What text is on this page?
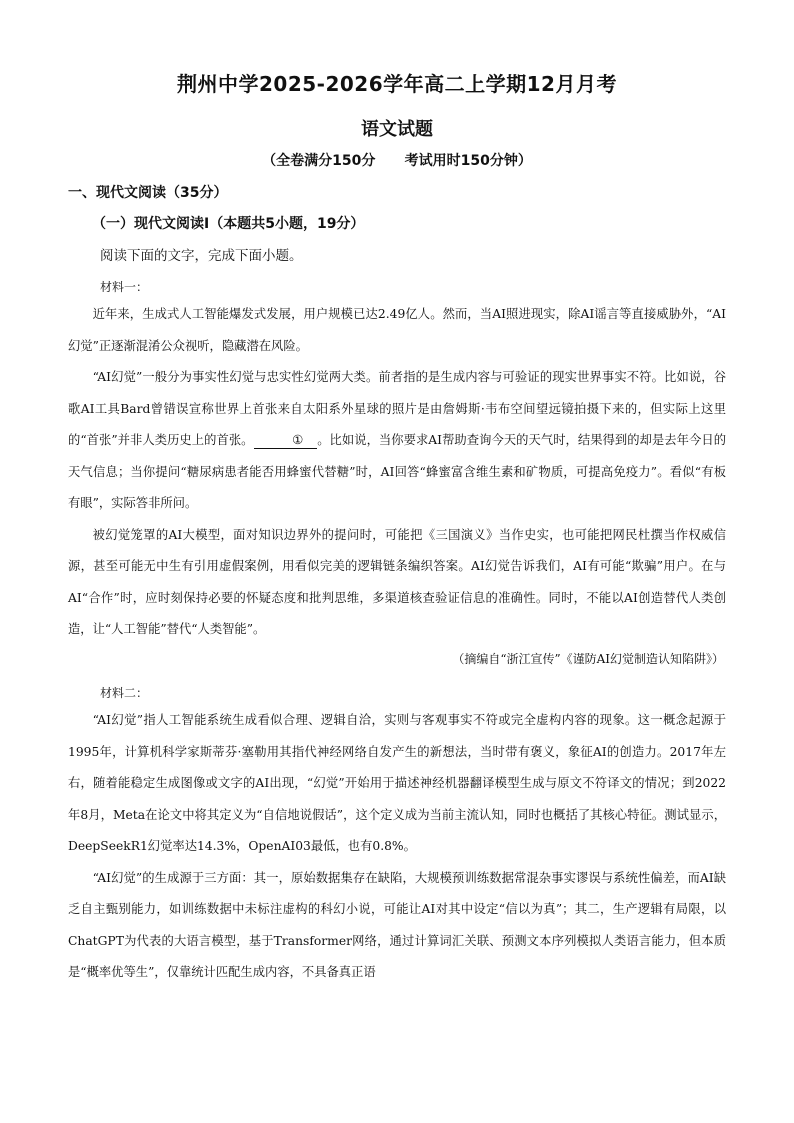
荆州中学2025-2026学年高二上学期12月月考
语文试题
（全卷满分150分      考试用时150分钟）
一、现代文阅读（35分）
（一）现代文阅读Ⅰ（本题共5小题，19分）
阅读下面的文字，完成下面小题。
材料一：

近年来，生成式人工智能爆发式发展，用户规模已达2.49亿人。然而，当AI照进现实，除AI谣言等直接威胁外，“AI幻觉”正逐渐混淆公众视听，隐藏潜在风险。

“AI幻觉”一般分为事实性幻觉与忠实性幻觉两大类。前者指的是生成内容与可验证的现实世界事实不符。比如说，谷歌AI工具Bard曾错误宣称世界上首张来自太阳系外星球的照片是由詹姆斯·韦布空间望远镜拍摄下来的，但实际上这里的“首张”并非人类历史上的首张。	① 。比如说，当你要求AI帮助查询今天的天气时，结果得到的却是去年今日的天气信息；当你提问“糖尿病患者能否用蜂蜜代替糖”时，AI回答“蜂蜜富含维生素和矿物质，可提高免疫力”。看似“有板有眼”，实际答非所问。

被幻觉笼罩的AI大模型，面对知识边界外的提问时，可能把《三国演义》当作史实，也可能把网民杜撰当作权威信源，甚至可能无中生有引用虚假案例，用看似完美的逻辑链条编织答案。AI幻觉告诉我们，AI有可能“欺骗”用户。在与AI“合作”时，应时刻保持必要的怀疑态度和批判思维，多渠道核查验证信息的准确性。同时，不能以AI创造替代人类创造，让“人工智能”替代“人类智能”。

（摘编自“浙江宣传”《谨防AI幻觉制造认知陷阱》）
材料二：

“AI幻觉”指人工智能系统生成看似合理、逻辑自洽，实则与客观事实不符或完全虚构内容的现象。这一概念起源于1995年，计算机科学家斯蒂芬·塞勒用其指代神经网络自发产生的新想法，当时带有褒义，象征AI的创造力。2017年左右，随着能稳定生成图像或文字的AI出现，“幻觉”开始用于描述神经机器翻译模型生成与原文不符译文的情况；到2022年8月，Meta在论文中将其定义为“自信地说假话”，这个定义成为当前主流认知，同时也概括了其核心特征。测试显示，DeepSeekR1幻觉率达14.3%，OpenAI03最低，也有0.8%。

“AI幻觉”的生成源于三方面：其一，原始数据集存在缺陷，大规模预训练数据常混杂事实谬误与系统性偏差，而AI缺乏自主甄别能力，如训练数据中未标注虚构的科幻小说，可能让AI对其中设定“信以为真”；其二，生产逻辑有局限，以ChatGPT为代表的大语言模型，基于Transformer网络，通过计算词汇关联、预测文本序列模拟人类语言能力，但本质是“概率优等生”，仅靠统计匹配生成内容，不具备真正语
